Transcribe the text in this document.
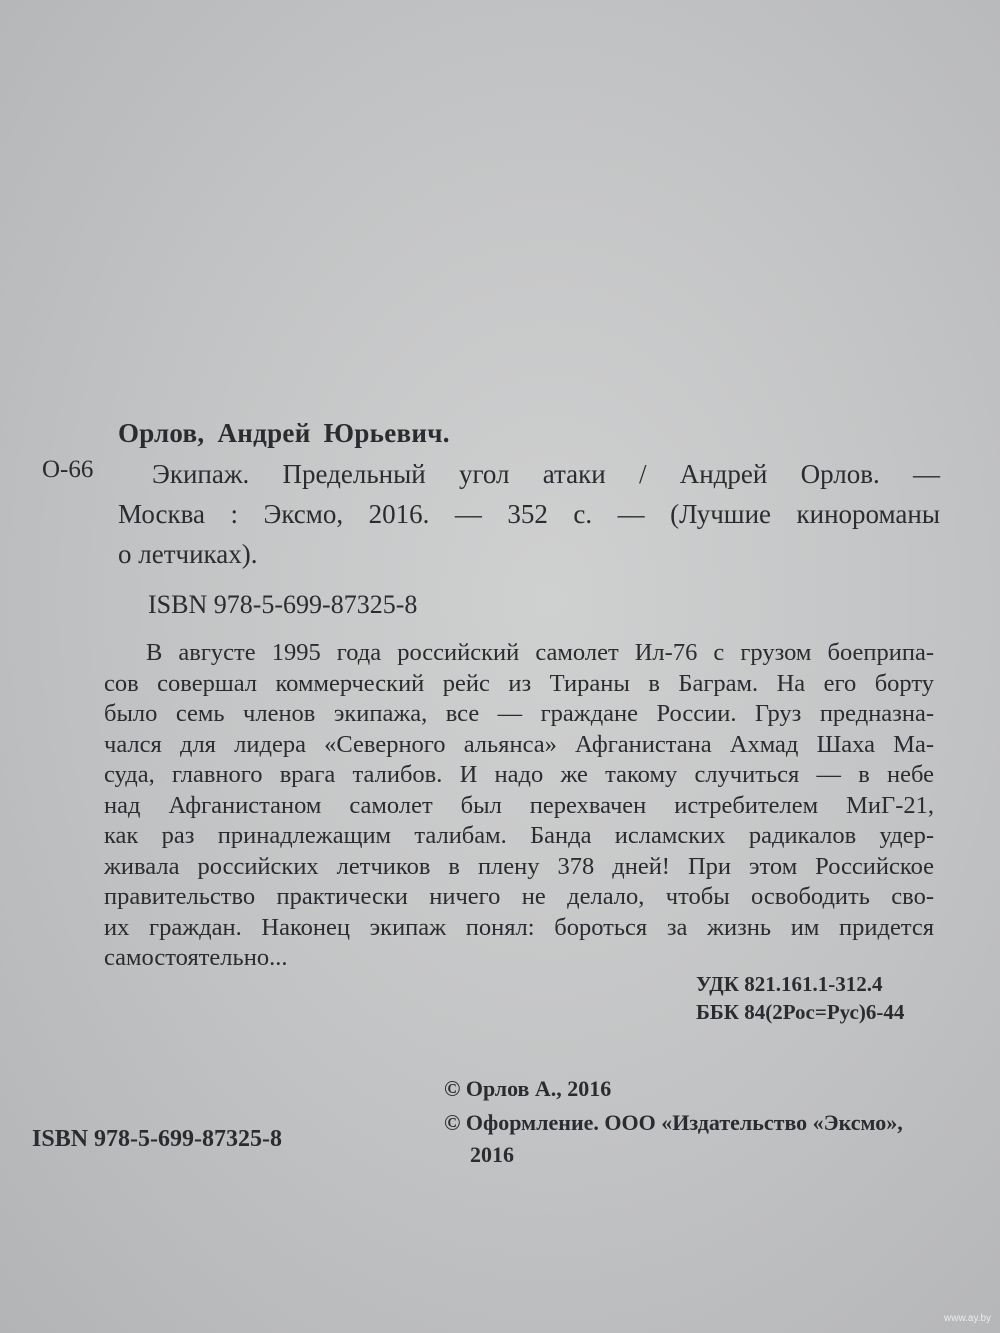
Орлов, Андрей Юрьевич.
О-66	Экипаж. Предельный угол атаки / Андрей Орлов. —
Москва : Эксмо, 2016. — 352 с. — (Лучшие кинороманы
о летчиках).
ISBN 978-5-699-87325-8
В августе 1995 года российский самолет Ил-76 с грузом боеприпа-
сов совершал коммерческий рейс из Тираны в Баграм. На его борту
было семь членов экипажа, все — граждане России. Груз предназна-
чался для лидера «Северного альянса» Афганистана Ахмад Шаха Ма-
суда, главного врага талибов. И надо же такому случиться — в небе
над Афганистаном самолет был перехвачен истребителем МиГ-21,
как раз принадлежащим талибам. Банда исламских радикалов удер-
живала российских летчиков в плену 378 дней! При этом Российское
правительство практически ничего не делало, чтобы освободить сво-
их граждан. Наконец экипаж понял: бороться за жизнь им придется
самостоятельно...
УДК 821.161.1-312.4
ББК 84(2Рос=Рус)6-44
© Орлов А., 2016
© Оформление. ООО «Издательство «Эксмо»,
2016
ISBN 978-5-699-87325-8
www.ay.by
